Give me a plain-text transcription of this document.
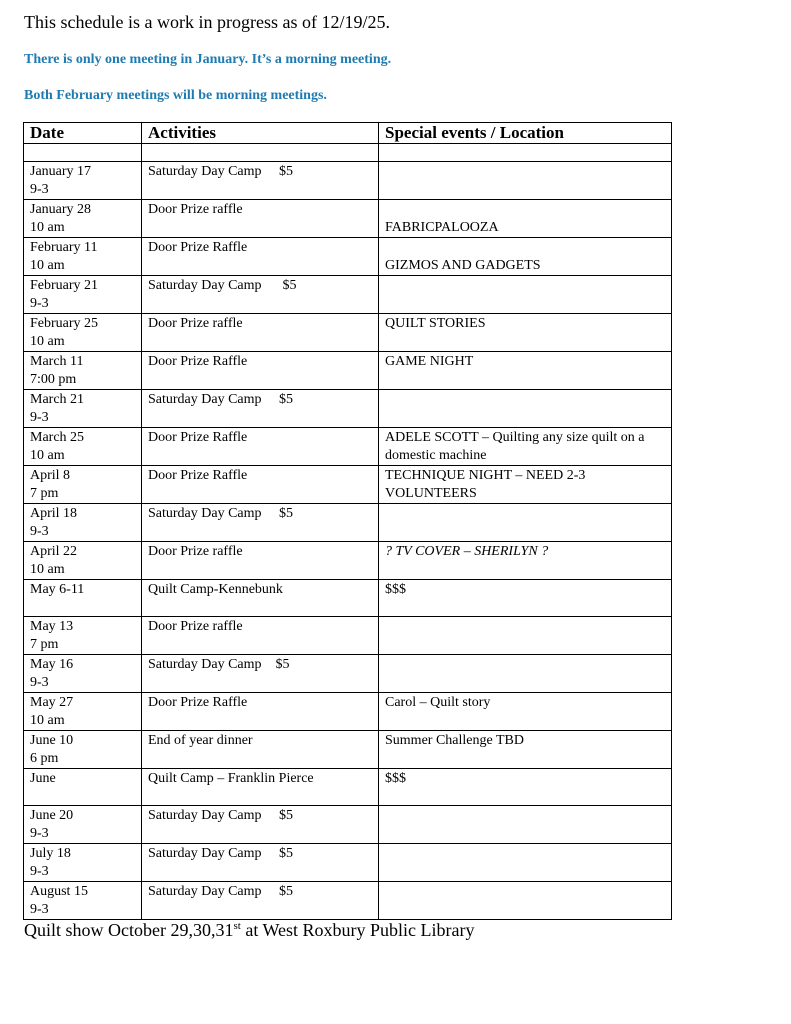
This schedule is a work in progress as of 12/19/25.
There is only one meeting in January. It’s a morning meeting.
Both February meetings will be morning meetings.
Date	Activities	Special events / Location

January 17
9-3	Saturday Day Camp     $5	

January 28
10 am	Door Prize raffle	FABRICPALOOZA

February 11
10 am	Door Prize Raffle	GIZMOS AND GADGETS

February 21
9-3	Saturday Day Camp      $5	

February 25
10 am	Door Prize raffle	QUILT STORIES

March 11
7:00 pm	Door Prize Raffle	GAME NIGHT

March 21
9-3	Saturday Day Camp     $5	

March 25
10 am	Door Prize Raffle	ADELE SCOTT – Quilting any size quilt on a domestic machine

April 8
7 pm	Door Prize Raffle	TECHNIQUE NIGHT – NEED 2-3 VOLUNTEERS

April 18
9-3	Saturday Day Camp     $5	

April 22
10 am	Door Prize raffle	? TV COVER – SHERILYN ?

May 6-11	Quilt Camp-Kennebunk	$$$

May 13
7 pm	Door Prize raffle	

May 16
9-3	Saturday Day Camp    $5	

May 27
10 am	Door Prize Raffle	Carol – Quilt story

June 10
6 pm	End of year dinner	Summer Challenge TBD

June	Quilt Camp – Franklin Pierce	$$$

June 20
9-3	Saturday Day Camp     $5	

July 18
9-3	Saturday Day Camp     $5	

August 15
9-3	Saturday Day Camp     $5	
Quilt show October 29,30,31st at West Roxbury Public Library
